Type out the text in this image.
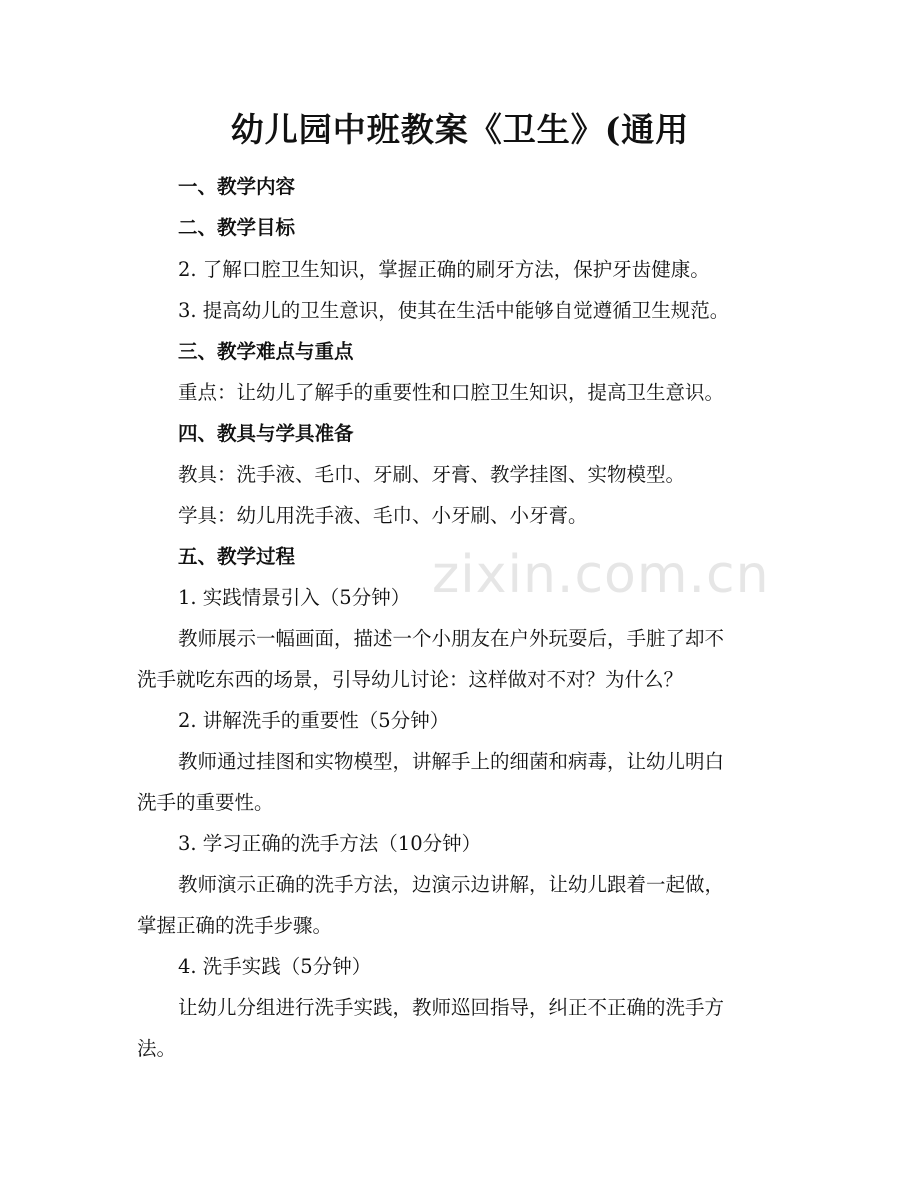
zixin.com.cn
幼儿园中班教案《卫生》(通用
一、教学内容
二、教学目标
2. 了解口腔卫生知识，掌握正确的刷牙方法，保护牙齿健康。
3. 提高幼儿的卫生意识，使其在生活中能够自觉遵循卫生规范。
三、教学难点与重点
重点：让幼儿了解手的重要性和口腔卫生知识，提高卫生意识。
四、教具与学具准备
教具：洗手液、毛巾、牙刷、牙膏、教学挂图、实物模型。
学具：幼儿用洗手液、毛巾、小牙刷、小牙膏。
五、教学过程
1. 实践情景引入（5分钟）
教师展示一幅画面，描述一个小朋友在户外玩耍后，手脏了却不
洗手就吃东西的场景，引导幼儿讨论：这样做对不对？为什么？
2. 讲解洗手的重要性（5分钟）
教师通过挂图和实物模型，讲解手上的细菌和病毒，让幼儿明白
洗手的重要性。
3. 学习正确的洗手方法（10分钟）
教师演示正确的洗手方法，边演示边讲解，让幼儿跟着一起做，
掌握正确的洗手步骤。
4. 洗手实践（5分钟）
让幼儿分组进行洗手实践，教师巡回指导，纠正不正确的洗手方
法。
